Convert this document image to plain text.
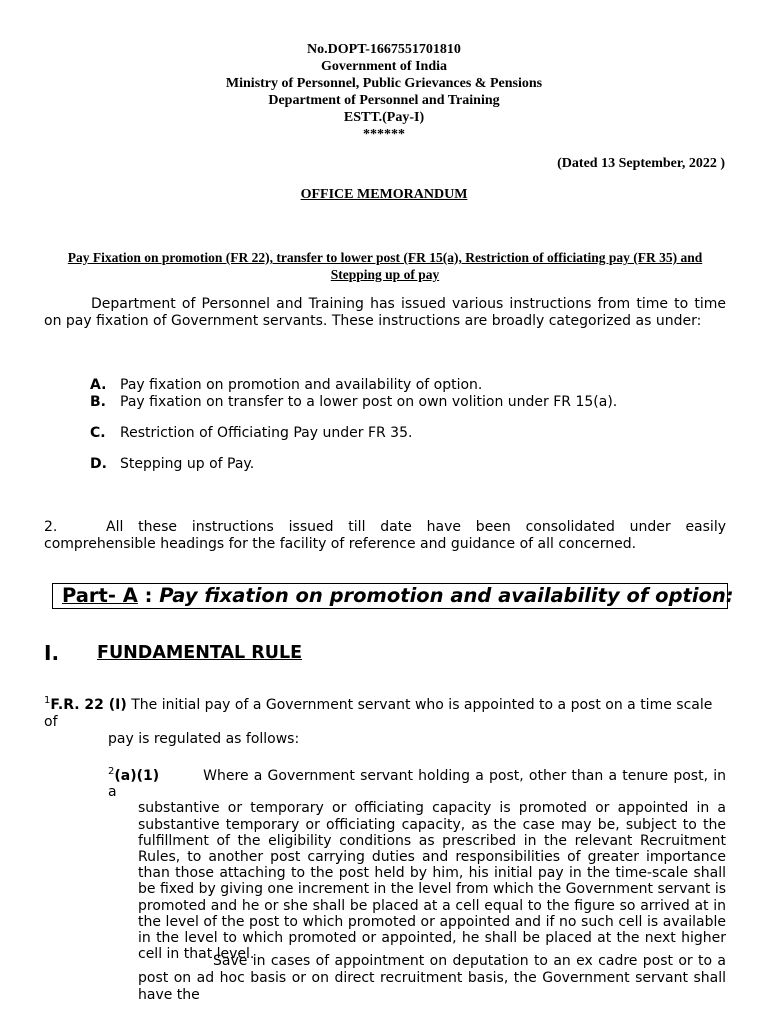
No.DOPT-1667551701810
Government of India
Ministry of Personnel, Public Grievances & Pensions
Department of Personnel and Training
ESTT.(Pay-I)
******
(Dated 13 September, 2022 )
OFFICE MEMORANDUM
Pay Fixation on promotion (FR 22), transfer to lower post (FR 15(a), Restriction of officiating pay (FR 35) and Stepping up of pay
Department of Personnel and Training has issued various instructions from time to time on pay fixation of Government servants. These instructions are broadly categorized as under:
A. Pay fixation on promotion and availability of option.
B. Pay fixation on transfer to a lower post on own volition under FR 15(a).
C. Restriction of Officiating Pay under FR 35.
D. Stepping up of Pay.
2.	All these instructions issued till date have been consolidated under easily comprehensible headings for the facility of reference and guidance of all concerned.
Part- A : Pay fixation on promotion and availability of option:
I. FUNDAMENTAL RULE
$^1$F.R. 22 (I) The initial pay of a Government servant who is appointed to a post on a time scale of
pay is regulated as follows:
$^2$(a)(1)	Where a Government servant holding a post, other than a tenure post, in a
substantive or temporary or officiating capacity is promoted or appointed in a substantive temporary or officiating capacity, as the case may be, subject to the fulfillment of the eligibility conditions as prescribed in the relevant Recruitment Rules, to another post carrying duties and responsibilities of greater importance than those attaching to the post held by him, his initial pay in the time-scale shall be fixed by giving one increment in the level from which the Government servant is promoted and he or she shall be placed at a cell equal to the figure so arrived at in the level of the post to which promoted or appointed and if no such cell is available in the level to which promoted or appointed, he shall be placed at the next higher cell in that level.
Save in cases of appointment on deputation to an ex cadre post or to a post on ad hoc basis or on direct recruitment basis, the Government servant shall have the
